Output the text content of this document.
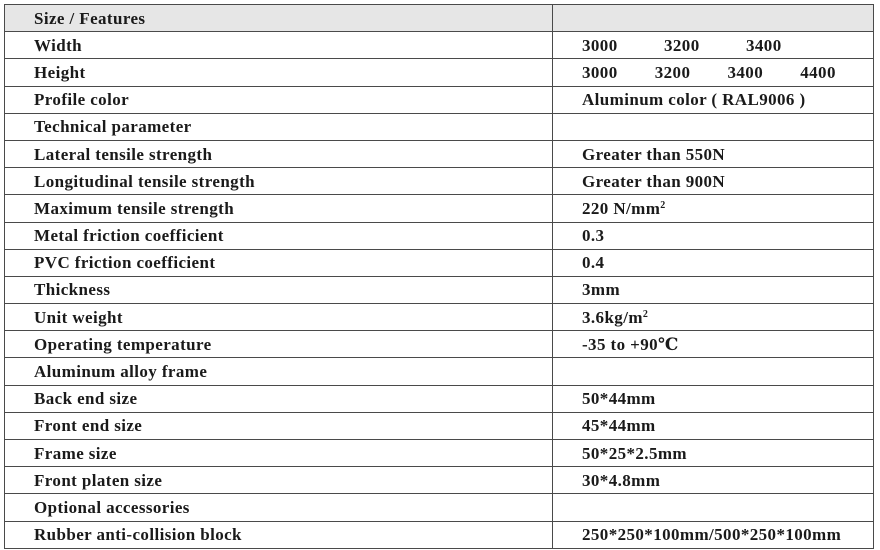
Size / Features	
Width	3000 3200 3400

Height	3000 3200 3400 4400

Profile color	Aluminum color ( RAL9006 )
Technical parameter	
Lateral tensile strength	Greater than 550N
Longitudinal tensile strength	Greater than 900N
Maximum tensile strength	220 $N/mm^2$
Metal friction coefficient	0.3
PVC friction coefficient	0.4
Thickness	3mm
Unit weight	$3.6kg/m^2$
Operating temperature	-35 to +90℃
Aluminum alloy frame	
Back end size	50*44mm
Front end size	45*44mm
Frame size	50*25*2.5mm
Front platen size	30*4.8mm
Optional accessories	
Rubber anti-collision block	250*250*100mm/500*250*100mm
